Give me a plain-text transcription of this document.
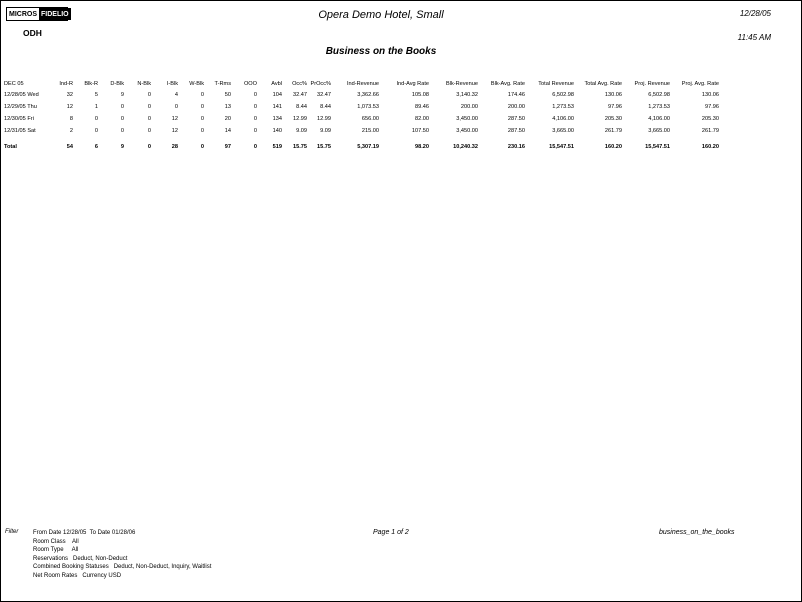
MICROS FIDELIO	Opera Demo Hotel, Small	12/28/05
ODH	11:45 AM
Business on the Books
DEC 05	Ind-R	Blk-R	D-Blk	N-Blk	I-Blk	W-Blk	T-Rms	OOO	Avbl	Occ%	PrOcc%	Ind-Revenue	Ind-Avg Rate	Blk-Revenue	Blk-Avg. Rate	Total Revenue	Total Avg. Rate	Proj. Revenue	Proj. Avg. Rate
12/28/05 Wed	32	5	9	0	4	0	50	0	104	32.47	32.47	3,362.66	105.08	3,140.32	174.46	6,502.98	130.06	6,502.98	130.06
12/29/05 Thu	12	1	0	0	0	0	13	0	141	8.44	8.44	1,073.53	89.46	200.00	200.00	1,273.53	97.96	1,273.53	97.96
12/30/05 Fri	8	0	0	0	12	0	20	0	134	12.99	12.99	656.00	82.00	3,450.00	287.50	4,106.00	205.30	4,106.00	205.30
12/31/05 Sat	2	0	0	0	12	0	14	0	140	9.09	9.09	215.00	107.50	3,450.00	287.50	3,665.00	261.79	3,665.00	261.79

Total	54	6	9	0	28	0	97	0	519	15.75	15.75	5,307.19	98.20	10,240.32	230.16	15,547.51	160.20	15,547.51	160.20
Filter From Date 12/28/05  To Date 01/28/06
Room Class    All
Room Type     All
Reservations   Deduct, Non-Deduct
Combined Booking Statuses   Deduct, Non-Deduct, Inquiry, Waitlist
Net Room Rates   Currency USD
Page 1 of 2	business_on_the_books
